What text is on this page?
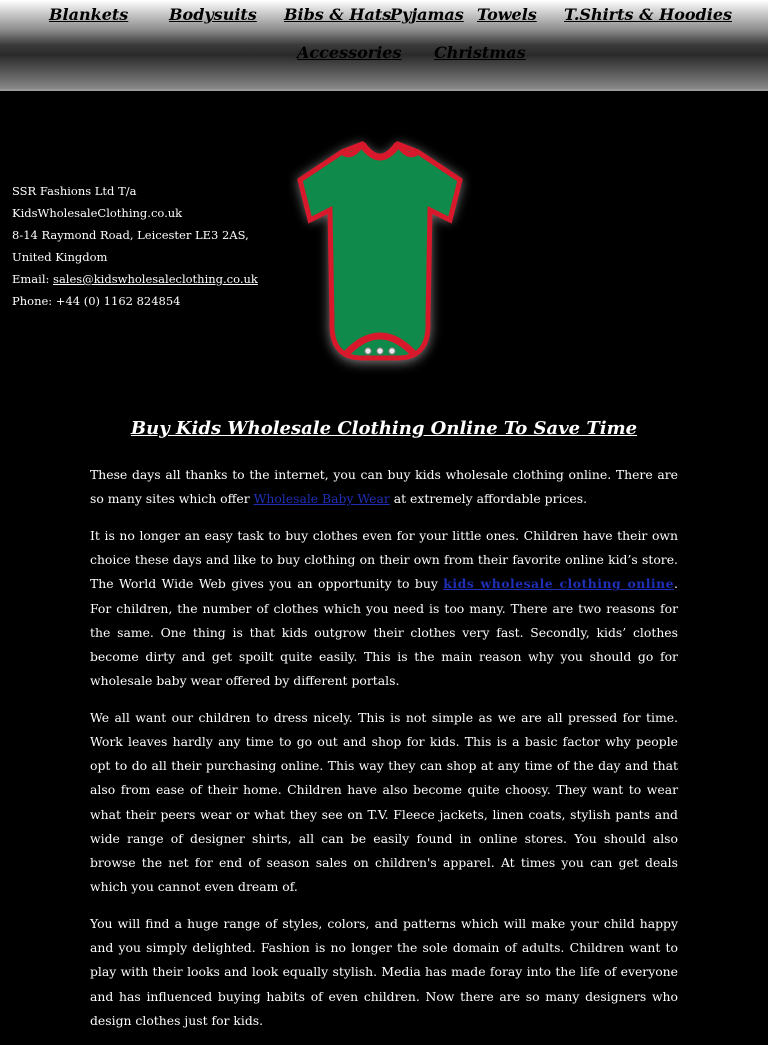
Blankets	Bodysuits Bibs & Hats
Pyjamas Towels T.Shirts & Hoodies
Accessories Christmas
SSR Fashions Ltd T/a
KidsWholesaleClothing.co.uk
8-14 Raymond Road, Leicester LE3 2AS,
United Kingdom
Email: sales@kidswholesaleclothing.co.uk
Phone: +44 (0) 1162 824854
Buy Kids Wholesale Clothing Online To Save Time

These days all thanks to the internet, you can buy kids wholesale clothing online. There are so many sites which offer Wholesale Baby Wear at extremely affordable prices.

It is no longer an easy task to buy clothes even for your little ones. Children have their own choice these days and like to buy clothing on their own from their favorite online kid’s store. The World Wide Web gives you an opportunity to buy kids wholesale clothing online. For children, the number of clothes which you need is too many. There are two reasons for the same. One thing is that kids outgrow their clothes very fast. Secondly, kids’ clothes become dirty and get spoilt quite easily. This is the main reason why you should go for wholesale baby wear offered by different portals.

We all want our children to dress nicely. This is not simple as we are all pressed for time. Work leaves hardly any time to go out and shop for kids. This is a basic factor why people opt to do all their purchasing online. This way they can shop at any time of the day and that also from ease of their home. Children have also become quite choosy. They want to wear what their peers wear or what they see on T.V. Fleece jackets, linen coats, stylish pants and wide range of designer shirts, all can be easily found in online stores. You should also browse the net for end of season sales on children's apparel. At times you can get deals which you cannot even dream of.

You will find a huge range of styles, colors, and patterns which will make your child happy and you simply delighted. Fashion is no longer the sole domain of adults. Children want to play with their looks and look equally stylish. Media has made foray into the life of everyone and has influenced buying habits of even children. Now there are so many designers who design clothes just for kids.
